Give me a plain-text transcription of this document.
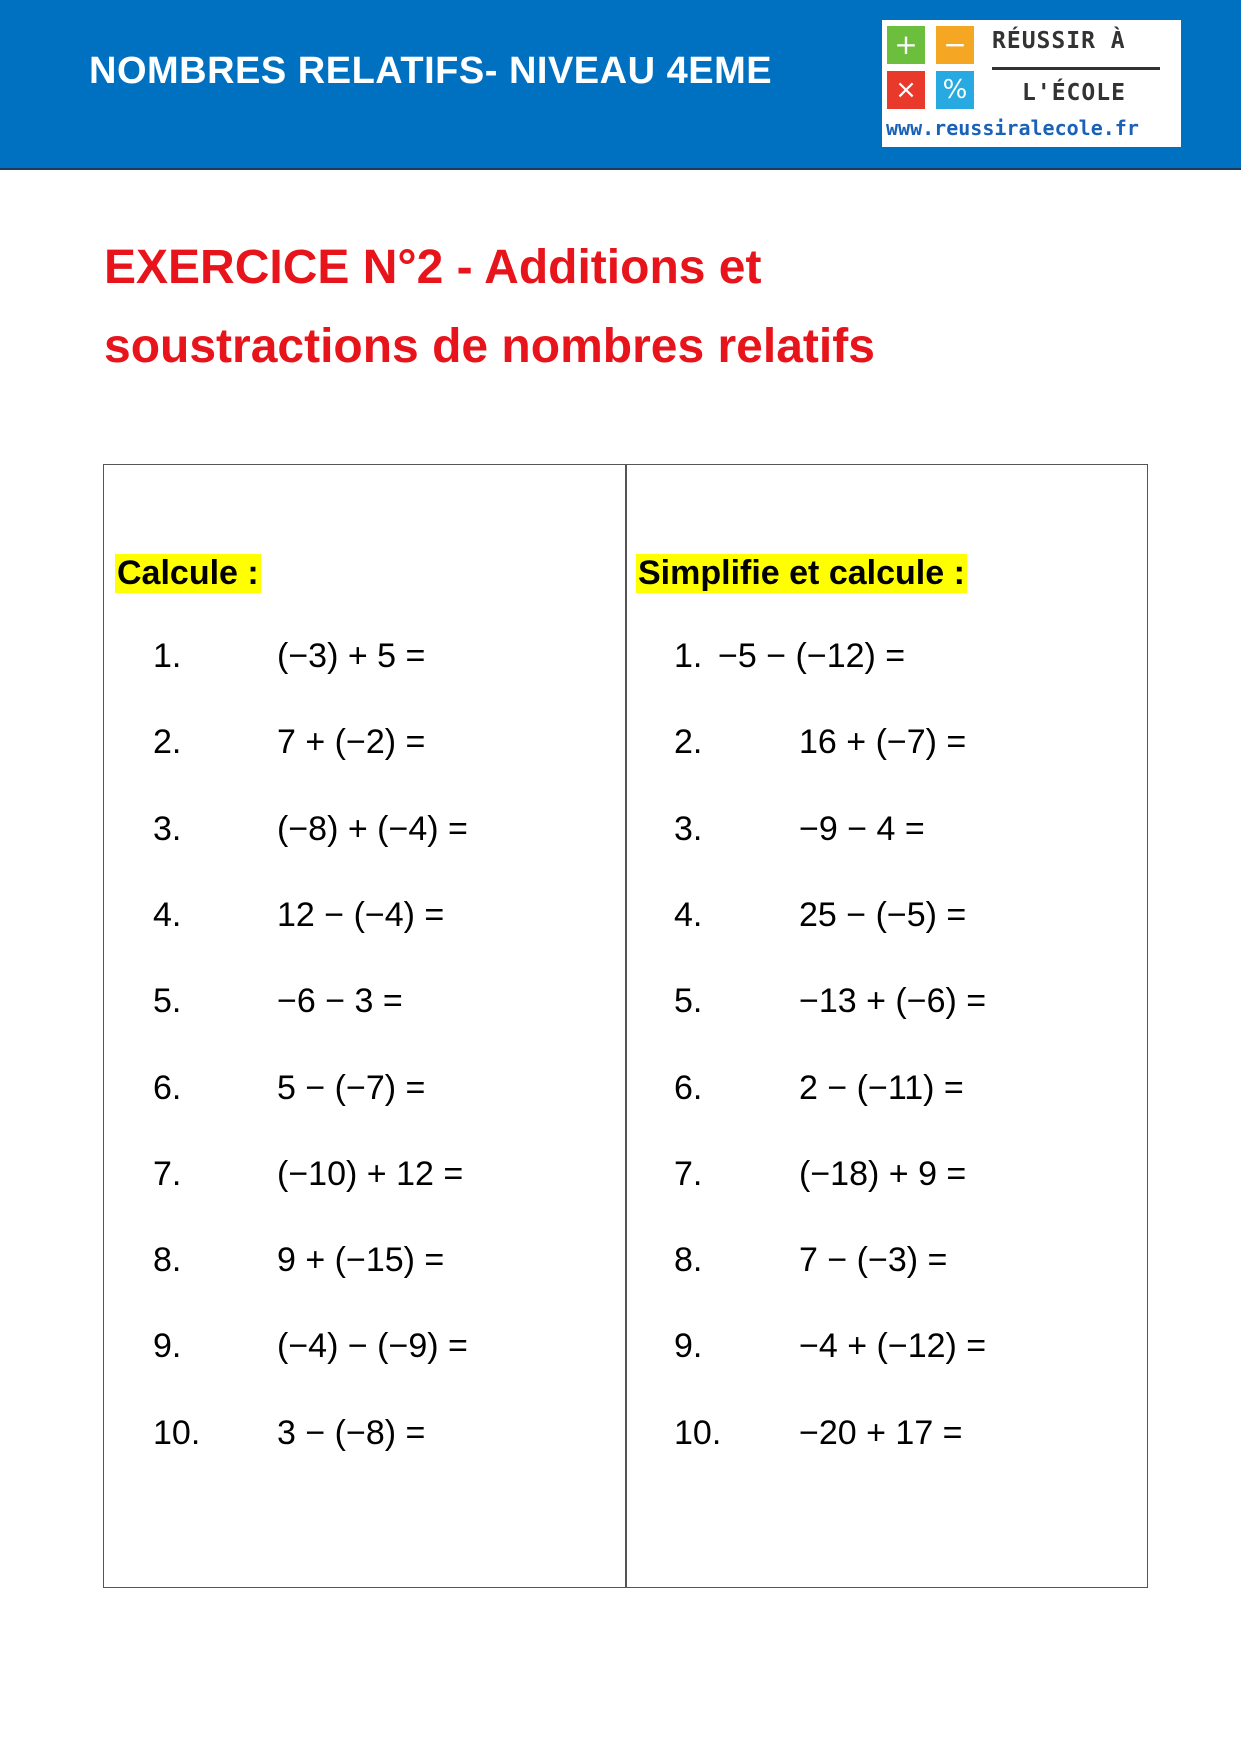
NOMBRES RELATIFS- NIVEAU 4EME
+ −
× %
RÉUSSIR À
L'ÉCOLE
www.reussiralecole.fr
EXERCICE N°2 - Additions et
soustractions de nombres relatifs
Calcule :	Simplifie et calcule :
1.	(−3) + 5 =
2.	7 + (−2) =
3.	(−8) + (−4) =
4.	12 − (−4) =
5.	−6 − 3 =
6.	5 − (−7) =
7.	(−10) + 12 =
8.	9 + (−15) =
9.	(−4) − (−9) =
10. 3 − (−8) =
1. −5 − (−12) =
2.	16 + (−7) =
3.	−9 − 4 =
4.	25 − (−5) =
5.	−13 + (−6) =
6.	2 − (−11) =
7.	(−18) + 9 =
8.	7 − (−3) =
9.	−4 + (−12) =
10. −20 + 17 =
